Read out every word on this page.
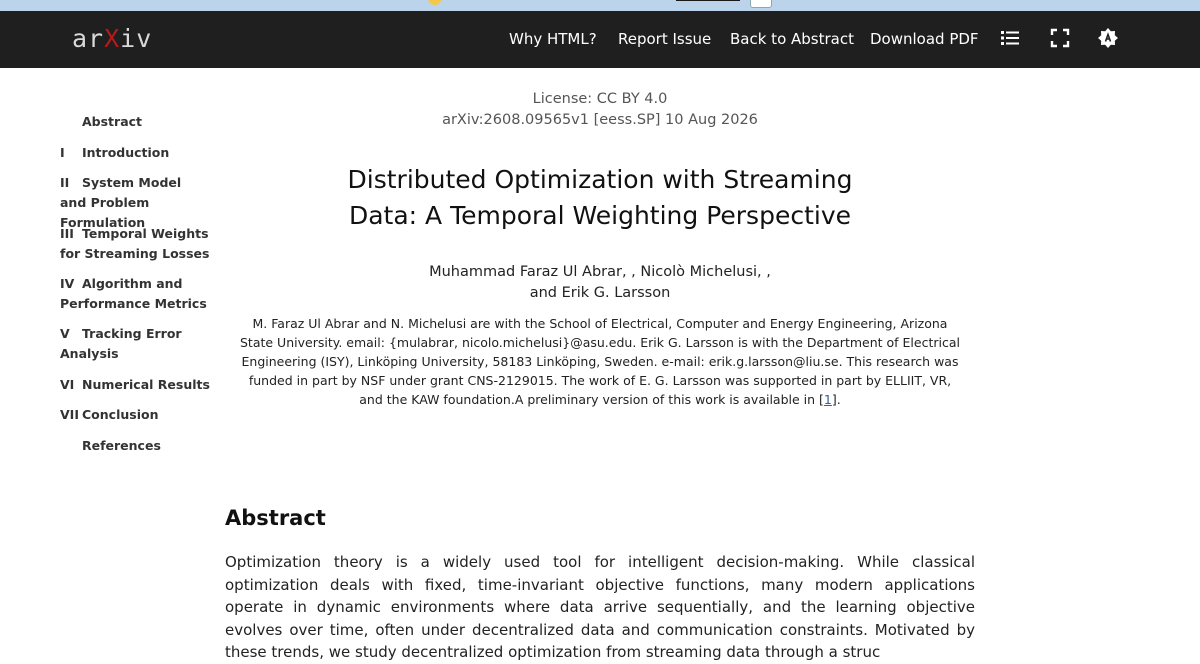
arXiv	Why HTML? Report Issue Back to Abstract Download PDF
Abstract
I Introduction
II System Model and Problem Formulation
III Temporal Weights for Streaming Losses
IV Algorithm and Performance Metrics
V Tracking Error Analysis
VI Numerical Results
VII Conclusion
References
License: CC BY 4.0
arXiv:2608.09565v1 [eess.SP] 10 Aug 2026
Distributed Optimization with Streaming Data: A Temporal Weighting Perspective
Muhammad Faraz Ul Abrar, , Nicolò Michelusi, ,
and Erik G. Larsson
M. Faraz Ul Abrar and N. Michelusi are with the School of Electrical, Computer and Energy Engineering, Arizona State University. email: {mulabrar, nicolo.michelusi}@asu.edu. Erik G. Larsson is with the Department of Electrical Engineering (ISY), Linköping University, 58183 Linköping, Sweden. e-mail: erik.g.larsson@liu.se. This research was funded in part by NSF under grant CNS-2129015. The work of E. G. Larsson was supported in part by ELLIIT, VR, and the KAW foundation.A preliminary version of this work is available in [1].
Abstract

Optimization theory is a widely used tool for intelligent decision-making. While classical optimization deals with fixed, time-invariant objective functions, many modern applications operate in dynamic environments where data arrive sequentially, and the learning objective evolves over time, often under decentralized data and communication constraints. Motivated by these trends, we study decentralized optimization from streaming data through a struc
